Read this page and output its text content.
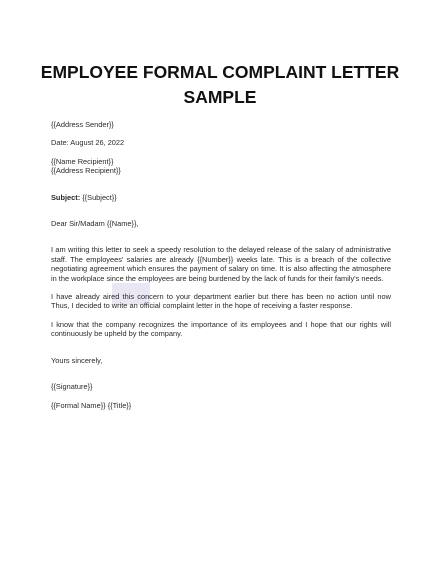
EMPLOYEE FORMAL COMPLAINT LETTER
SAMPLE

{{Address Sender}}

Date: August 26, 2022

{{Name Recipient}}

{{Address Recipient}}

Subject: {{Subject}}

Dear Sir/Madam {{Name}},

I am writing this letter to seek a speedy resolution to the delayed release of the salary of administrative staff. The employees' salaries are already {{Number}} weeks late. This is a breach of the collective negotiating agreement which ensures the payment of salary on time. It is also affecting the atmosphere in the workplace since the employees are being burdened by the lack of funds for their family's needs.

I have already aired this concern to your department earlier but there has been no action until now Thus, I decided to write an official complaint letter in the hope of receiving a faster response.

I know that the company recognizes the importance of its employees and I hope that our rights will continuously be upheld by the company.

Yours sincerely,

{{Signature}}

{{Formal Name}} {{Title}}
